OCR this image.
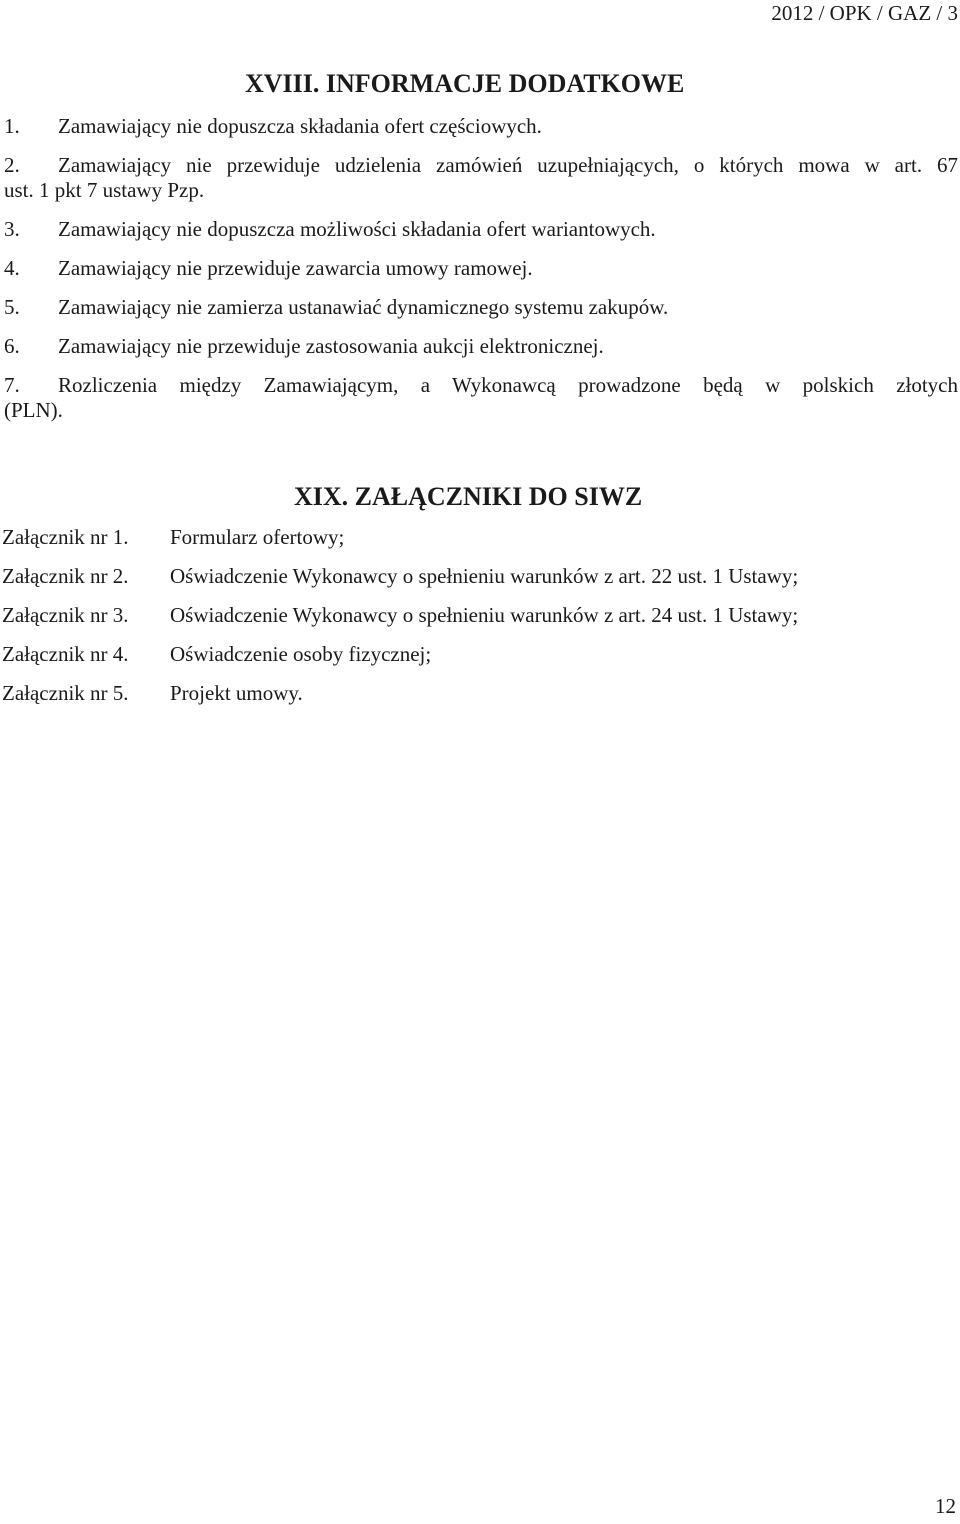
2012 / OPK / GAZ / 3
XVIII. INFORMACJE DODATKOWE
1.	Zamawiający nie dopuszcza składania ofert częściowych.
2.	Zamawiający nie przewiduje udzielenia zamówień uzupełniających, o których mowa w art. 67
ust. 1 pkt 7 ustawy Pzp.
3.	Zamawiający nie dopuszcza możliwości składania ofert wariantowych.
4.	Zamawiający nie przewiduje zawarcia umowy ramowej.
5.	Zamawiający nie zamierza ustanawiać dynamicznego systemu zakupów.
6.	Zamawiający nie przewiduje zastosowania aukcji elektronicznej.
7.	Rozliczenia między Zamawiającym, a Wykonawcą prowadzone będą w polskich złotych
(PLN).
XIX. ZAŁĄCZNIKI DO SIWZ
Załącznik nr 1.	Formularz ofertowy;
Załącznik nr 2.	Oświadczenie Wykonawcy o spełnieniu warunków z art. 22 ust. 1 Ustawy;
Załącznik nr 3.	Oświadczenie Wykonawcy o spełnieniu warunków z art. 24 ust. 1 Ustawy;
Załącznik nr 4.	Oświadczenie osoby fizycznej;
Załącznik nr 5.	Projekt umowy.
12
